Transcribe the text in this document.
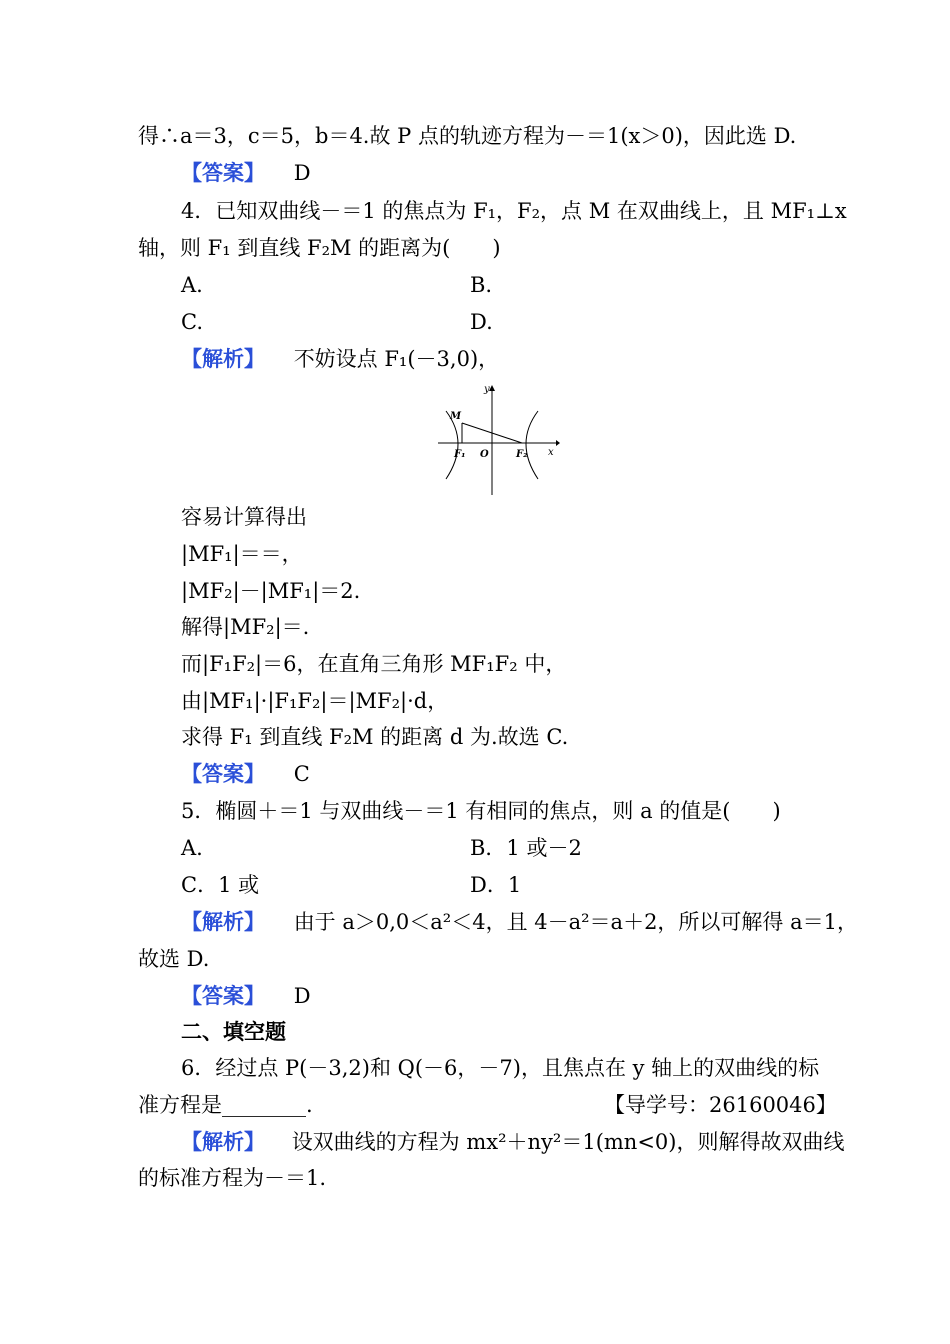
得∴a＝3，c＝5，b＝4.故 P 点的轨迹方程为－＝1(x＞0)，因此选 D.
【答案】 D
4．已知双曲线－＝1 的焦点为 F₁，F₂，点 M 在双曲线上，且 MF₁⊥x
轴，则 F₁ 到直线 F₂M 的距离为(　　)
A.	B.
C.	D.
【解析】 不妨设点 F₁(－3,0)，
y
x
M
F₁ O	F₂
容易计算得出
|MF₁|＝＝，
|MF₂|－|MF₁|＝2.
解得|MF₂|＝.
而|F₁F₂|＝6，在直角三角形 MF₁F₂ 中，
由|MF₁|·|F₁F₂|＝|MF₂|·d，
求得 F₁ 到直线 F₂M 的距离 d 为.故选 C.
【答案】 C
5．椭圆＋＝1 与双曲线－＝1 有相同的焦点，则 a 的值是(　　)
A.	B．1 或－2
C．1 或	D．1
【解析】 由于 a＞0,0＜a²＜4，且 4－a²＝a＋2，所以可解得 a＝1，
故选 D.
【答案】 D
二、填空题
6．经过点 P(－3,2)和 Q(－6，－7)，且焦点在 y 轴上的双曲线的标
准方程是________.	【导学号：26160046】
【解析】 设双曲线的方程为 mx²＋ny²＝1(mn<0)，则解得故双曲线
的标准方程为－＝1.
